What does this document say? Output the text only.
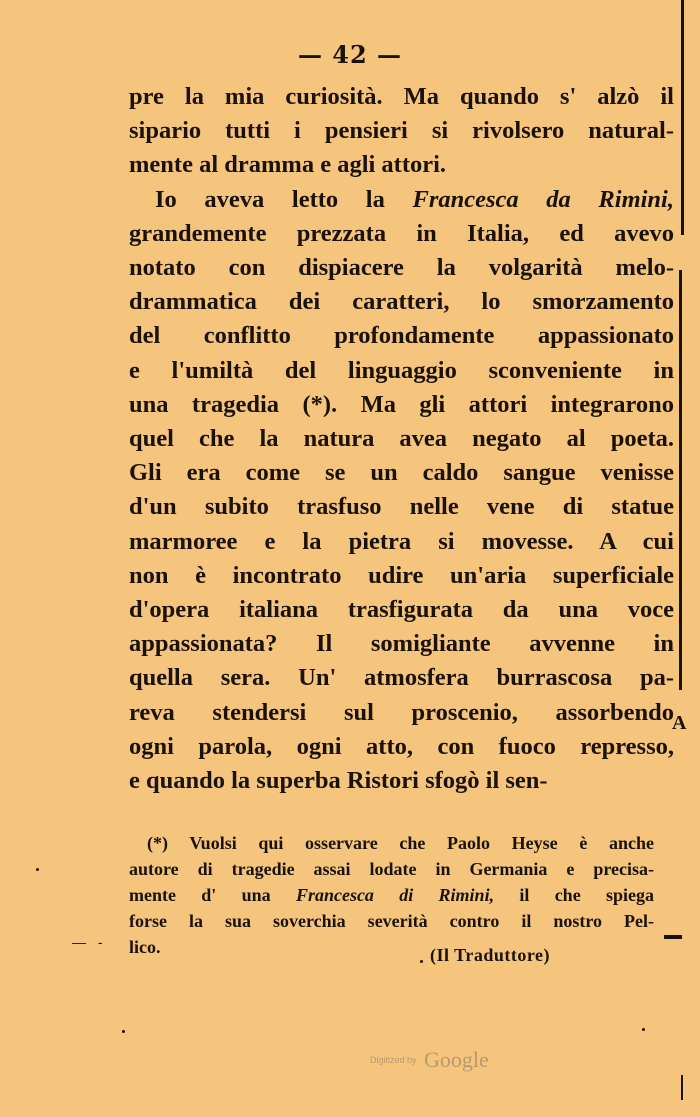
— 42 —
pre la mia curiosità. Ma quando s' alzò il
sipario tutti i pensieri si rivolsero natural-
mente al dramma e agli attori.
Io aveva letto la Francesca da Rimini,
grandemente prezzata in Italia, ed avevo
notato con dispiacere la volgarità melo-
drammatica dei caratteri, lo smorzamento
del conflitto profondamente appassionato
e l'umiltà del linguaggio sconveniente in
una tragedia (*). Ma gli attori integrarono
quel che la natura avea negato al poeta.
Gli era come se un caldo sangue venisse
d'un subito trasfuso nelle vene di statue
marmoree e la pietra si movesse. A cui
non è incontrato udire un'aria superficiale
d'opera italiana trasfigurata da una voce
appassionata? Il somigliante avvenne in
quella sera. Un' atmosfera burrascosa pa-
reva stendersi sul proscenio, assorbendo
ogni parola, ogni atto, con fuoco represso,
e quando la superba Ristori sfogò il sen-
(*) Vuolsi qui osservare che Paolo Heyse è anche
autore di tragedie assai lodate in Germania e precisa-
mente d' una Francesca di Rimini, il che spiega
forse la sua soverchia severità contro il nostro Pel-
lico.	(Il Traduttore)
A
— -
Digitized by Google
